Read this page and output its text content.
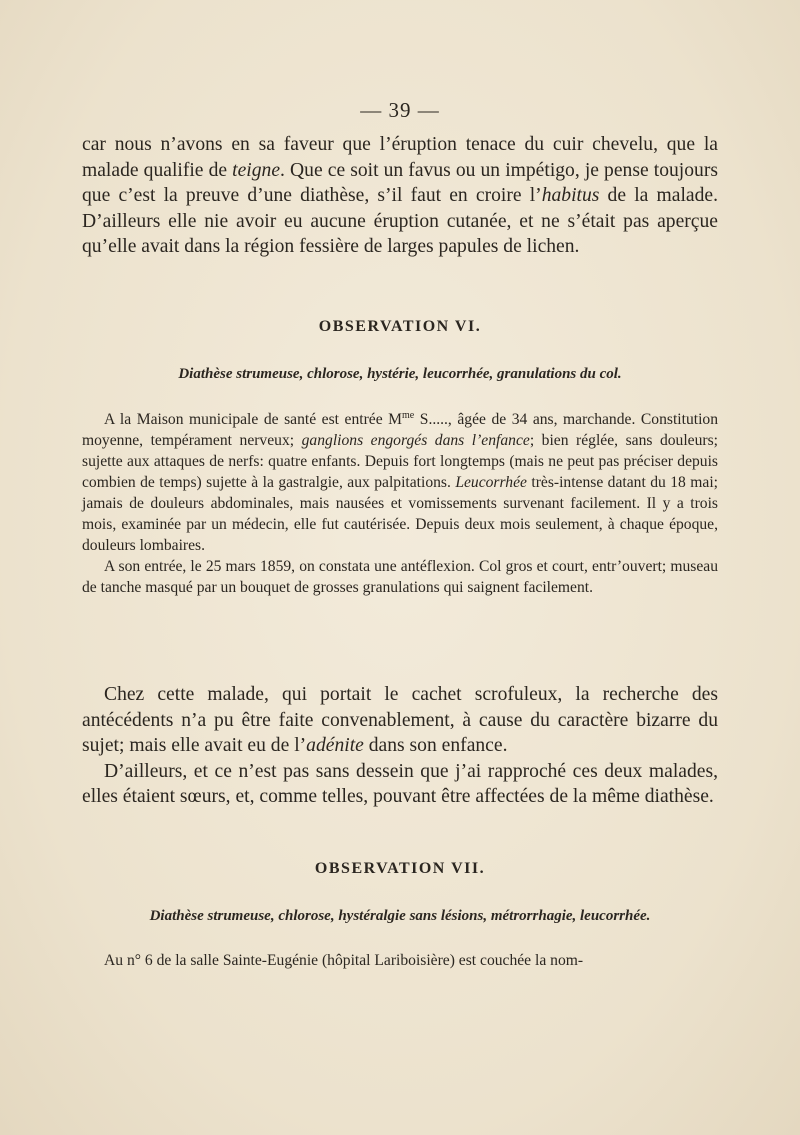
— 39 —

car nous n’avons en sa faveur que l’éruption tenace du cuir chevelu, que la malade qualifie de teigne. Que ce soit un favus ou un impétigo, je pense toujours que c’est la preuve d’une diathèse, s’il faut en croire l’habitus de la malade. D’ailleurs elle nie avoir eu aucune éruption cutanée, et ne s’était pas aperçue qu’elle avait dans la région fessière de larges papules de lichen.

OBSERVATION VI.
Diathèse strumeuse, chlorose, hystérie, leucorrhée, granulations du col.

A la Maison municipale de santé est entrée $M^{me}$ S....., âgée de 34 ans, marchande. Constitution moyenne, tempérament nerveux; ganglions engorgés dans l’enfance; bien réglée, sans douleurs; sujette aux attaques de nerfs: quatre enfants. Depuis fort longtemps (mais ne peut pas préciser depuis combien de temps) sujette à la gastralgie, aux palpitations. Leucorrhée très-intense datant du 18 mai; jamais de douleurs abdominales, mais nausées et vomissements survenant facilement. Il y a trois mois, examinée par un médecin, elle fut cautérisée. Depuis deux mois seulement, à chaque époque, douleurs lombaires.

A son entrée, le 25 mars 1859, on constata une antéflexion. Col gros et court, entr’ouvert; museau de tanche masqué par un bouquet de grosses granulations qui saignent facilement.

Chez cette malade, qui portait le cachet scrofuleux, la recherche des antécédents n’a pu être faite convenablement, à cause du caractère bizarre du sujet; mais elle avait eu de l’adénite dans son enfance.

D’ailleurs, et ce n’est pas sans dessein que j’ai rapproché ces deux malades, elles étaient sœurs, et, comme telles, pouvant être affectées de la même diathèse.

OBSERVATION VII.
Diathèse strumeuse, chlorose, hystéralgie sans lésions, métrorrhagie, leucorrhée.

Au n° 6 de la salle Sainte-Eugénie (hôpital Lariboisière) est couchée la nom-
